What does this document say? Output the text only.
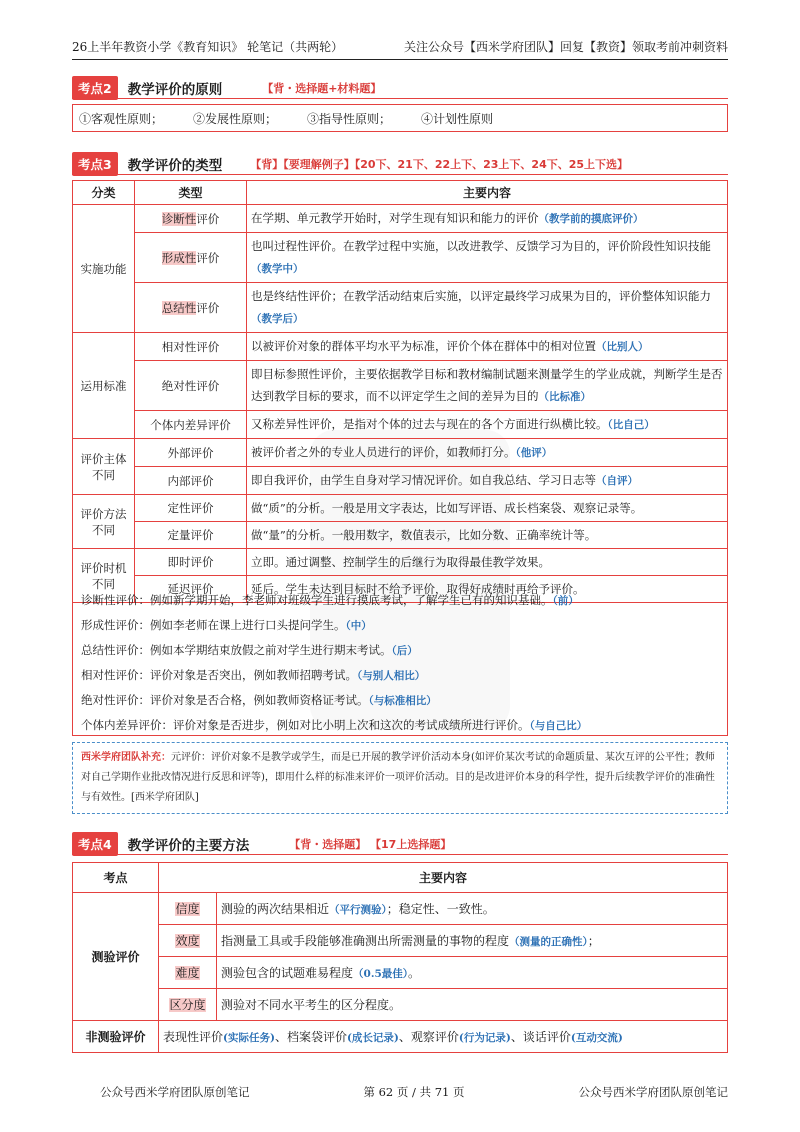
26上半年教资小学《教育知识》 轮笔记（共两轮）	关注公众号【西米学府团队】回复【教资】领取考前冲刺资料
考点2	教学评价的原则	【背・选择题+材料题】
①客观性原则；	②发展性原则；	③指导性原则；	④计划性原则
考点3	教学评价的类型	【背】【要理解例子】【20下、21下、22上下、23上下、24下、25上下选】
分类	类型	主要内容
实施功能	诊断性评价	在学期、单元教学开始时，对学生现有知识和能力的评价（教学前的摸底评价）
	形成性评价	也叫过程性评价。在教学过程中实施，以改进教学、反馈学习为目的，评价阶段性知识技能（教学中）
	总结性评价	也是终结性评价；在教学活动结束后实施，以评定最终学习成果为目的，评价整体知识能力（教学后）
运用标准	相对性评价	以被评价对象的群体平均水平为标准，评价个体在群体中的相对位置（比别人）
	绝对性评价	即目标参照性评价，主要依据教学目标和教材编制试题来测量学生的学业成就，判断学生是否达到教学目标的要求，而不以评定学生之间的差异为目的（比标准）
	个体内差异评价	又称差异性评价，是指对个体的过去与现在的各个方面进行纵横比较。（比自己）
评价主体不同	外部评价	被评价者之外的专业人员进行的评价，如教师打分。（他评）
	内部评价	即自我评价，由学生自身对学习情况评价。如自我总结、学习日志等（自评）
评价方法不同	定性评价	做“质”的分析。一般是用文字表达，比如写评语、成长档案袋、观察记录等。
	定量评价	做“量”的分析。一般用数字，数值表示，比如分数、正确率统计等。
评价时机不同	即时评价	立即。通过调整、控制学生的后继行为取得最佳教学效果。
	延迟评价	延后。学生未达到目标时不给予评价，取得好成绩时再给予评价。
诊断性评价：例如新学期开始，李老师对班级学生进行摸底考试，了解学生已有的知识基础。（前）
形成性评价：例如李老师在课上进行口头提问学生。（中）
总结性评价：例如本学期结束放假之前对学生进行期末考试。（后）
相对性评价：评价对象是否突出，例如教师招聘考试。（与别人相比）
绝对性评价：评价对象是否合格，例如教师资格证考试。（与标准相比）
个体内差异评价：评价对象是否进步，例如对比小明上次和这次的考试成绩所进行评价。（与自己比）
西米学府团队补充：元评价：评价对象不是教学或学生，而是已开展的教学评价活动本身(如评价某次考试的命题质量、某次互评的公平性；教师对自己学期作业批改情况进行反思和评等)，即用什么样的标准来评价一项评价活动。目的是改进评价本身的科学性，提升后续教学评价的准确性与有效性。[西米学府团队]
考点4	教学评价的主要方法	【背・选择题】 【17上选择题】
考点	主要内容	
测验评价	信度	测验的两次结果相近（平行测验）；稳定性、一致性。
	效度	指测量工具或手段能够准确测出所需测量的事物的程度（测量的正确性）；
	难度	测验包含的试题难易程度（0.5最佳）。
	区分度	测验对不同水平考生的区分程度。
非测验评价	表现性评价(实际任务)、档案袋评价(成长记录)、观察评价(行为记录)、谈话评价(互动交流)	
公众号西米学府团队原创笔记	第 62 页 / 共 71 页	公众号西米学府团队原创笔记
